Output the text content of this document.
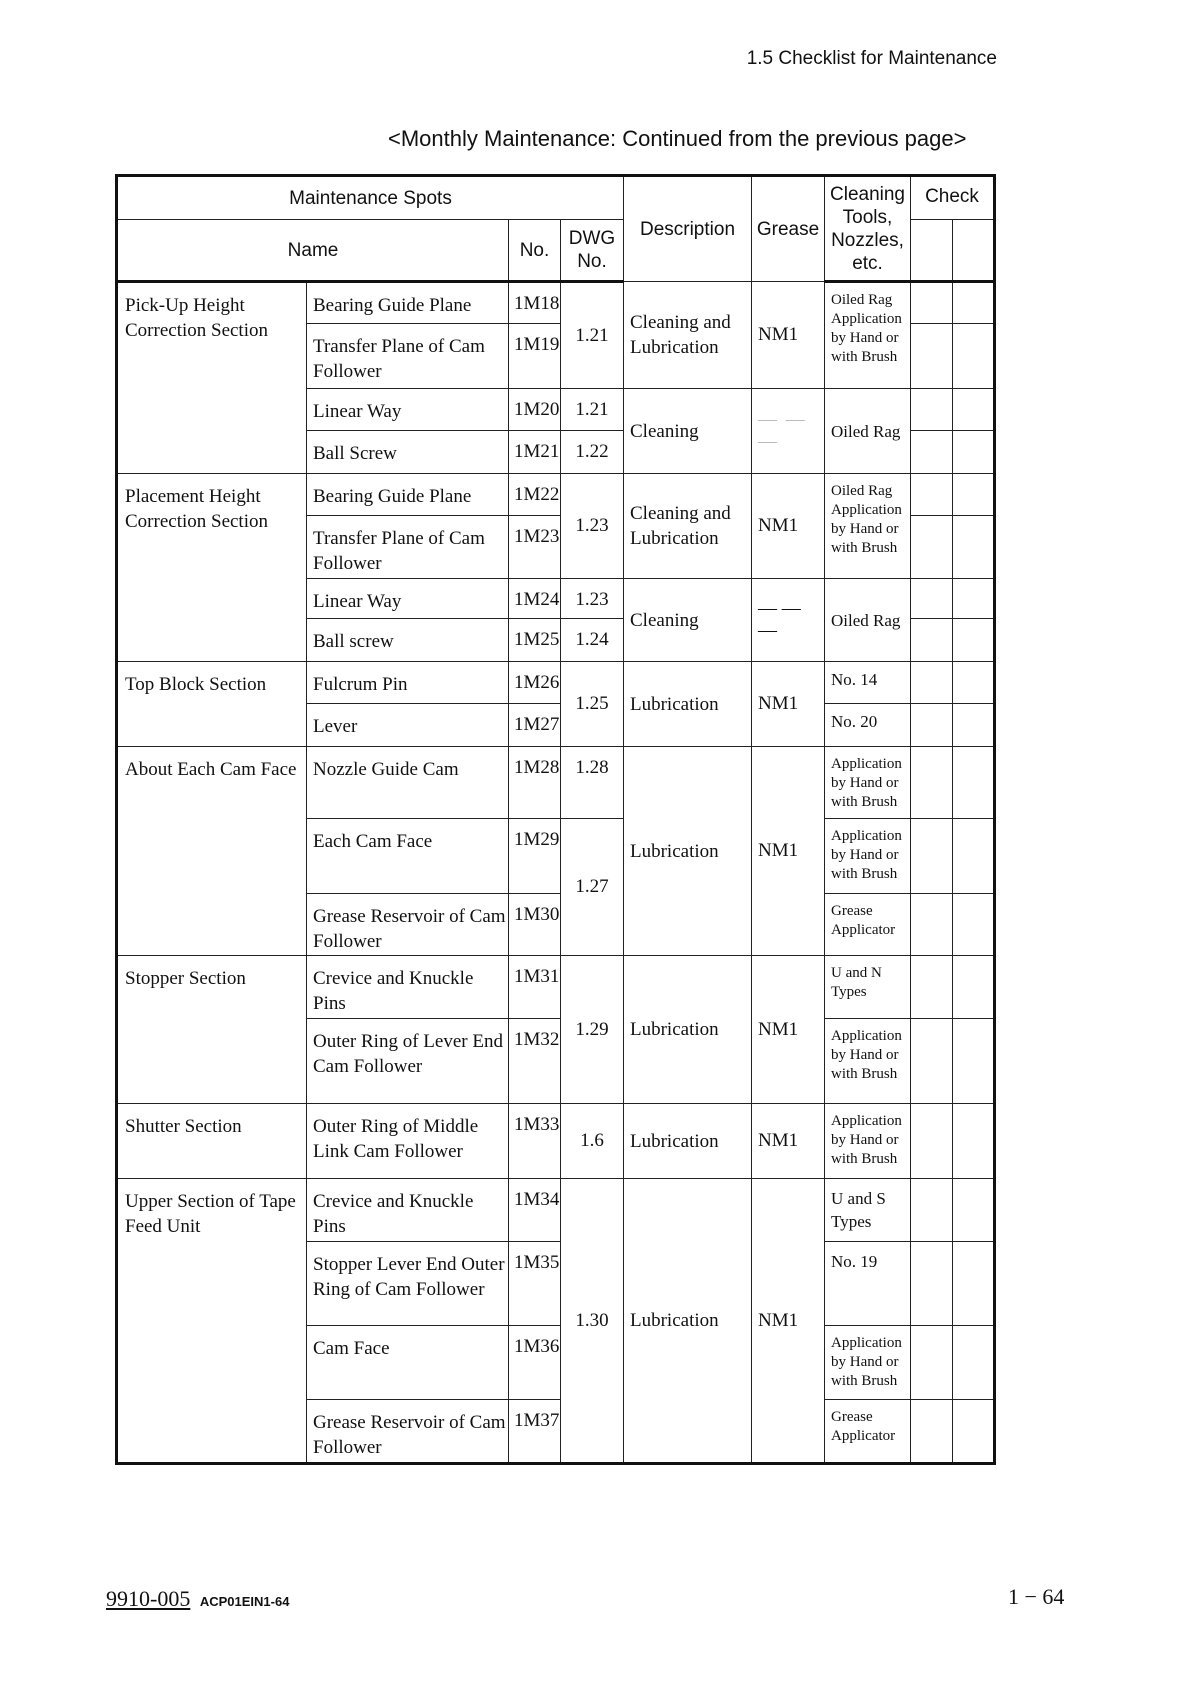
1.5 Checklist for Maintenance
<Monthly Maintenance: Continued from the previous page>
Maintenance Spots				Description	Grease	Cleaning Tools, Nozzles, etc.	Check	
Name		No.	DWG No.					
Pick-Up Height Correction Section	Bearing Guide Plane	1M18	1.21	Cleaning and Lubrication	NM1	Oiled Rag Application by Hand or with Brush		
	Transfer Plane of Cam Follower	1M19						
	Linear Way	1M20	1.21	Cleaning	— — —	Oiled Rag		
	Ball Screw	1M21	1.22					
Placement Height Correction Section	Bearing Guide Plane	1M22	1.23	Cleaning and Lubrication	NM1	Oiled Rag Application by Hand or with Brush		
	Transfer Plane of Cam Follower	1M23						
	Linear Way	1M24	1.23	Cleaning	— — —	Oiled Rag		
	Ball screw	1M25	1.24					
Top Block Section	Fulcrum Pin	1M26	1.25	Lubrication	NM1	No. 14		
	Lever	1M27				No. 20		
About Each Cam Face	Nozzle Guide Cam	1M28	1.28	Lubrication	NM1	Application by Hand or with Brush		
	Each Cam Face	1M29	1.27			Application by Hand or with Brush		
	Grease Reservoir of Cam Follower	1M30				Grease Applicator		
Stopper Section	Crevice and Knuckle Pins	1M31	1.29	Lubrication	NM1	U and N Types		
	Outer Ring of Lever End Cam Follower	1M32				Application by Hand or with Brush		
Shutter Section	Outer Ring of Middle Link Cam Follower	1M33	1.6	Lubrication	NM1	Application by Hand or with Brush		
Upper Section of Tape Feed Unit	Crevice and Knuckle Pins	1M34	1.30	Lubrication	NM1	U and S Types		
	Stopper Lever End Outer Ring of Cam Follower	1M35				No. 19		
	Cam Face	1M36				Application by Hand or with Brush		
	Grease Reservoir of Cam Follower	1M37				Grease Applicator		
9910-005 ACP01EIN1-64	1 − 64
